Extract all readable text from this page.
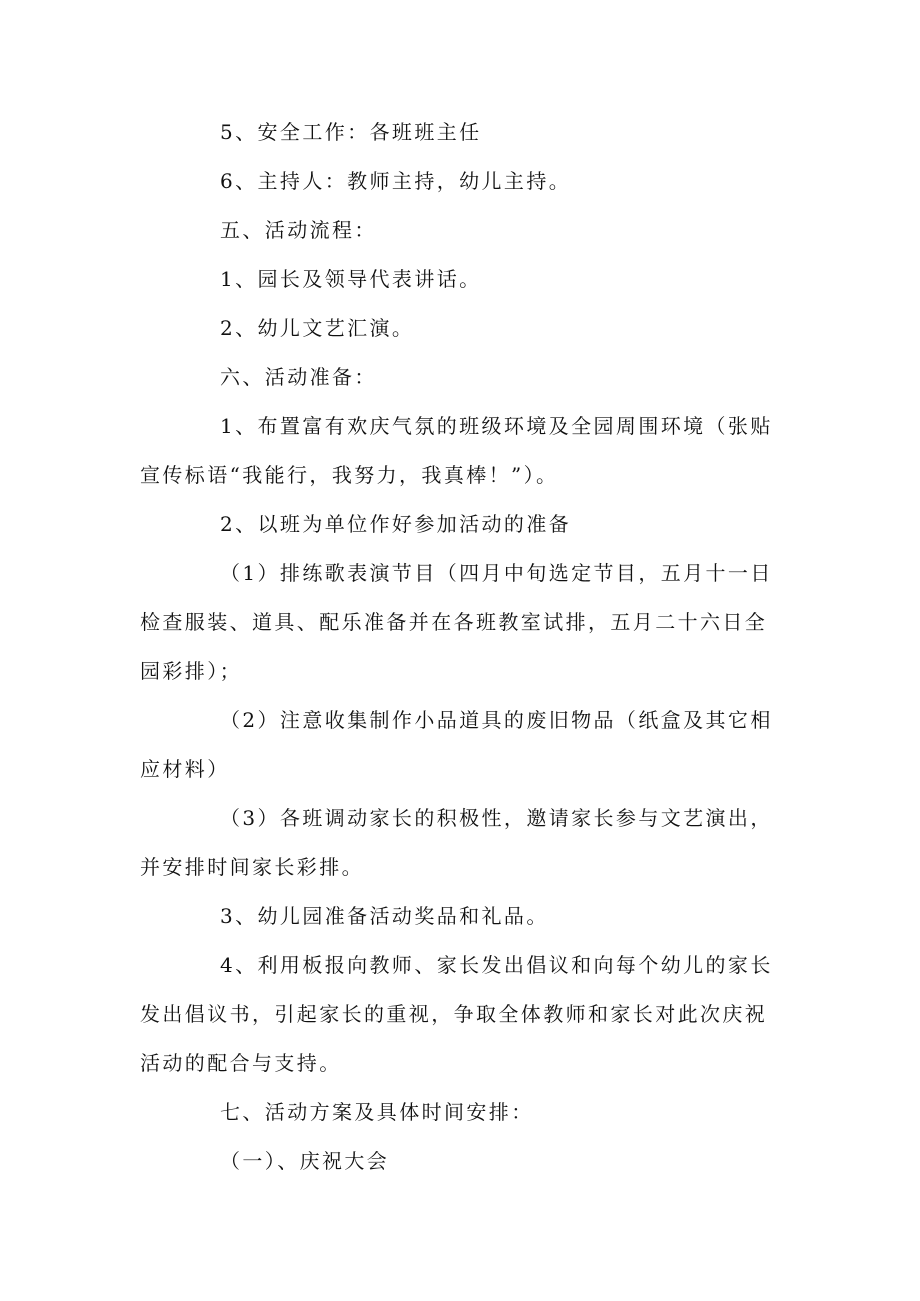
5、安全工作：各班班主任

6、主持人：教师主持，幼儿主持。

五、活动流程：

1、园长及领导代表讲话。

2、幼儿文艺汇演。

六、活动准备：

1、布置富有欢庆气氛的班级环境及全园周围环境（张贴宣传标语“我能行，我努力，我真棒！”）。

2、以班为单位作好参加活动的准备

（1）排练歌表演节目（四月中旬选定节目，五月十一日检查服装、道具、配乐准备并在各班教室试排，五月二十六日全园彩排）；

（2）注意收集制作小品道具的废旧物品（纸盒及其它相应材料）

（3）各班调动家长的积极性，邀请家长参与文艺演出，并安排时间家长彩排。

3、幼儿园准备活动奖品和礼品。

4、利用板报向教师、家长发出倡议和向每个幼儿的家长发出倡议书，引起家长的重视，争取全体教师和家长对此次庆祝活动的配合与支持。

七、活动方案及具体时间安排：

（一）、庆祝大会
